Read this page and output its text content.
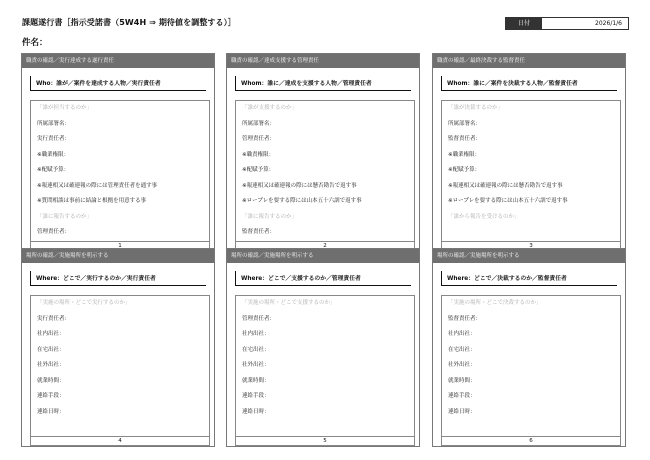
課題遂行書［指示受諾書（5W4H ⇒ 期待値を調整する）］
件名：
日付	2026/1/6
職責の確認／実行達成する遂行責任
Who：誰が／案件を達成する人物／実行責任者
「誰が担当するのか」
所属部署名：
実行責任者：
※職業権限：
※配賦予算：
※報連相又は確連報の際には管理責任者を通す事
※質問相談は事前に結論と根拠を用意する事
「誰に報告するのか」
管理責任者：
1
職責の確認／達成支援する管理責任
Whom：誰に／達成を支援する人物／管理責任者
「誰が支援するのか」
所属部署名：
管理責任者：
※職責権限：
※配賦予算：
※報連相又は確連報の際には懸否勘告で返す事
※ロープレを要する際には山本五十六訓で返す事
「誰に報告するのか」
監督責任者：
2
職責の確認／最終決裁する監督責任
Whom：誰に／案件を決裁する人物／監督責任者
「誰が決裁するのか」
所属部署名：
監督責任者：
※職業権限：
※配賦予算：
※報連相又は確連報の際には懸否勘告で返す事
※ロープレを要する際には山本五十六訓で返す事
「誰から報告を受けるのか」
3
場所の確認／実施場所を明示する
Where：どこで／実行するのか／実行責任者
「実施の場所・どこで実行するのか」
実行責任者：
社内出社：
在宅出社：
社外出社：
就業時間：
連絡手段：
連絡日時：
4
場所の確認／実施場所を明示する
Where：どこで／支援するのか／管理責任者
「実施の場所・どこで支援するのか」
管理責任者：
社内出社：
在宅出社：
社外出社：
就業時間：
連絡手段：
連絡日時：
5
場所の確認／実施場所を明示する
Where：どこで／決裁するのか／監督責任者
「実施の場所・どこで決裁するのか」
監督責任者：
社内出社：
在宅出社：
社外出社：
就業時間：
連絡手段：
連絡日時：
6
